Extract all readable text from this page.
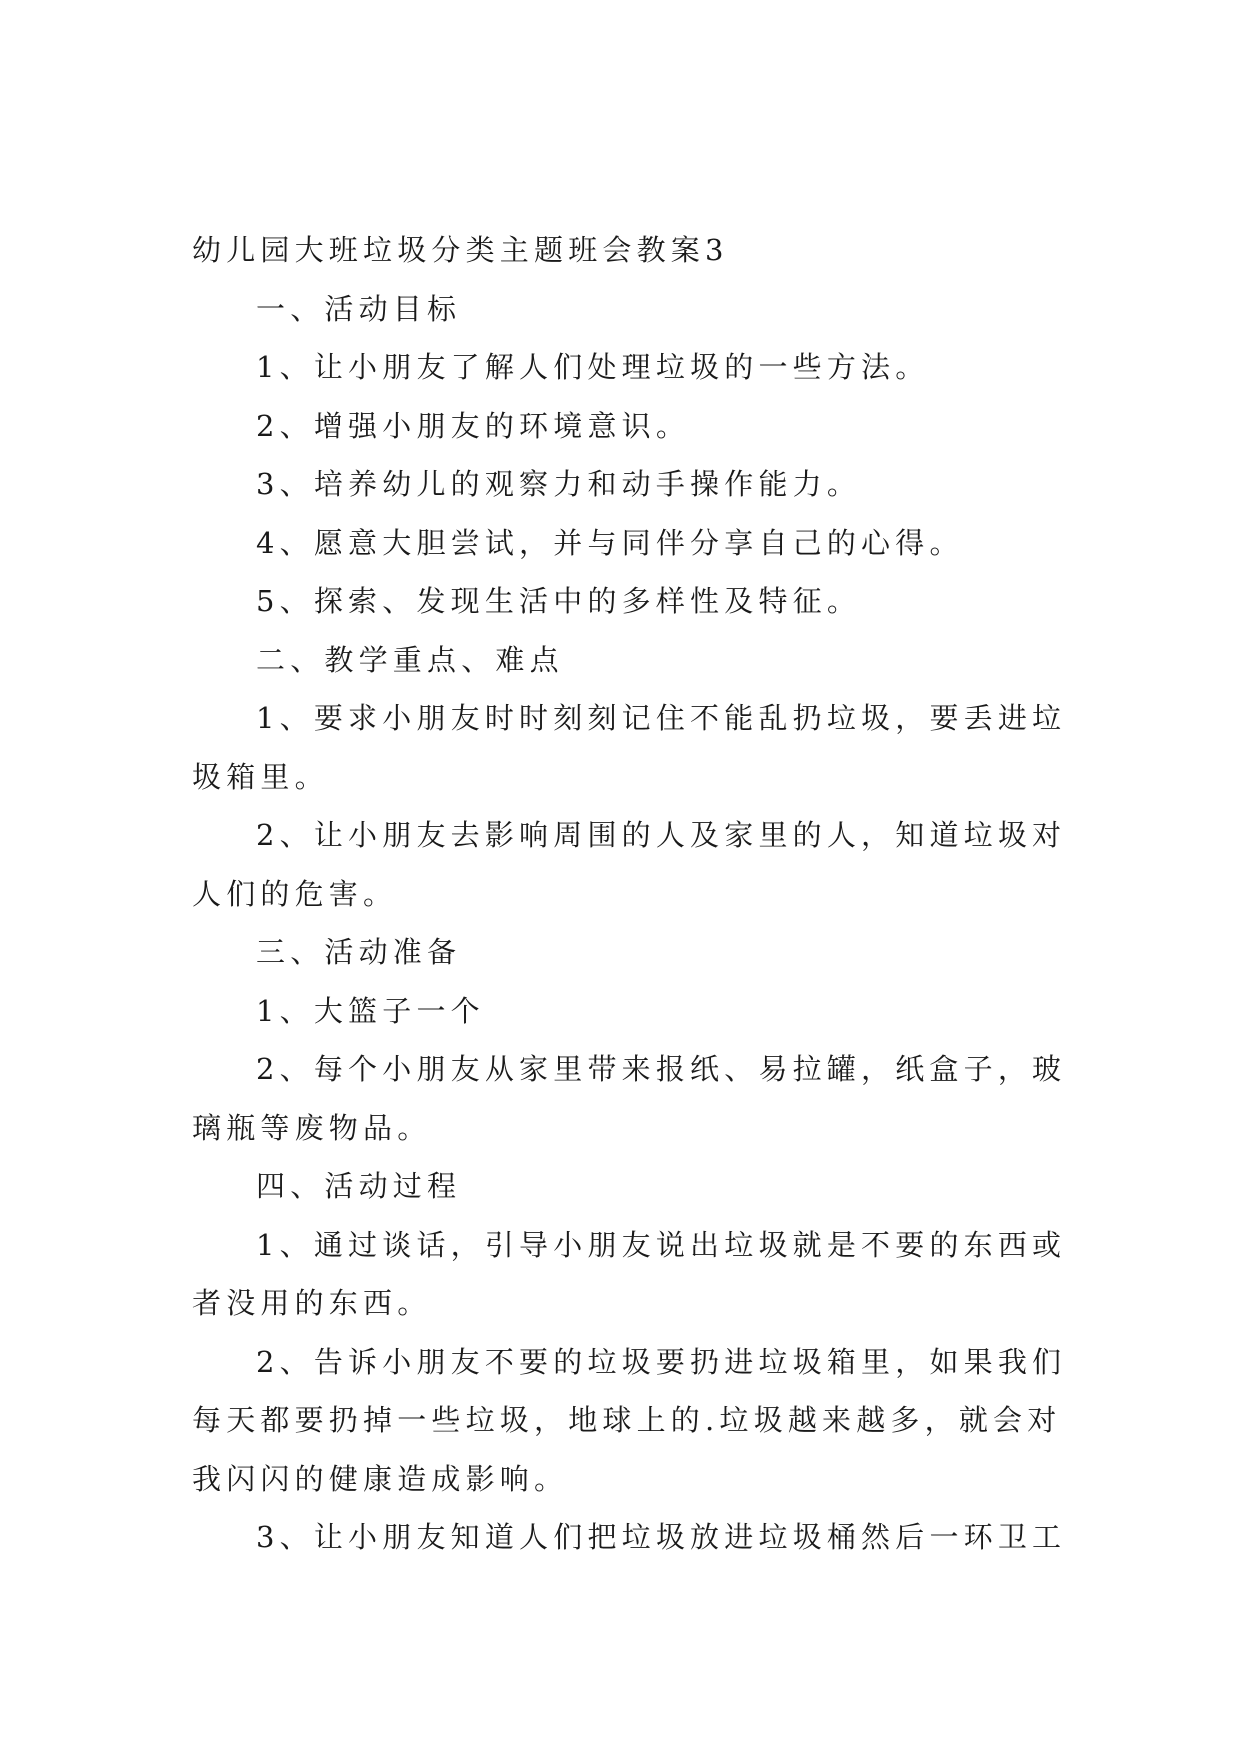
幼儿园大班垃圾分类主题班会教案3
一、活动目标
1、让小朋友了解人们处理垃圾的一些方法。
2、增强小朋友的环境意识。
3、培养幼儿的观察力和动手操作能力。
4、愿意大胆尝试，并与同伴分享自己的心得。
5、探索、发现生活中的多样性及特征。
二、教学重点、难点
1、要求小朋友时时刻刻记住不能乱扔垃圾，要丢进垃
圾箱里。
2、让小朋友去影响周围的人及家里的人，知道垃圾对
人们的危害。
三、活动准备
1、大篮子一个
2、每个小朋友从家里带来报纸、易拉罐，纸盒子，玻
璃瓶等废物品。
四、活动过程
1、通过谈话，引导小朋友说出垃圾就是不要的东西或
者没用的东西。
2、告诉小朋友不要的垃圾要扔进垃圾箱里，如果我们
每天都要扔掉一些垃圾，地球上的.垃圾越来越多，就会对
我闪闪的健康造成影响。
3、让小朋友知道人们把垃圾放进垃圾桶然后一环卫工
